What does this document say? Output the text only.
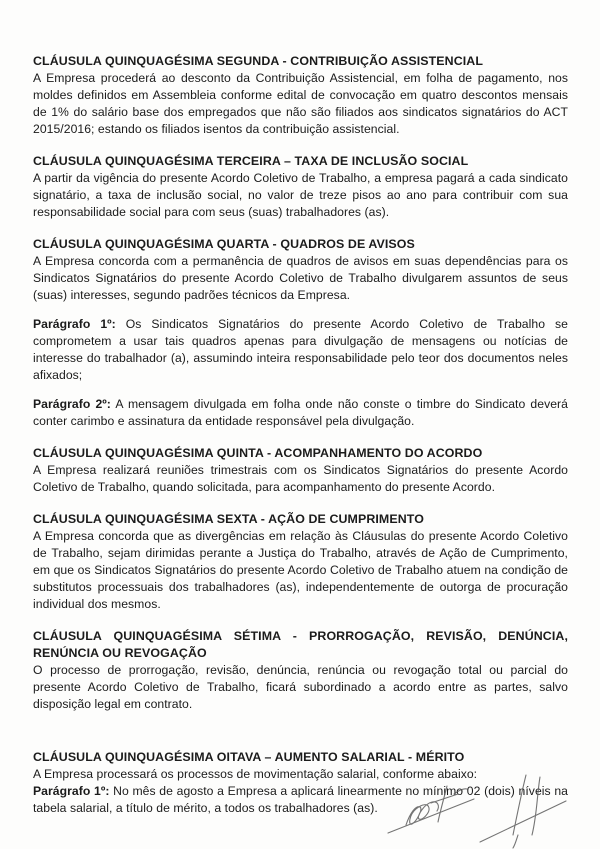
CLÁUSULA QUINQUAGÉSIMA SEGUNDA - CONTRIBUIÇÃO ASSISTENCIAL

A Empresa procederá ao desconto da Contribuição Assistencial, em folha de pagamento, nos moldes definidos em Assembleia conforme edital de convocação em quatro descontos mensais de 1% do salário base dos empregados que não são filiados aos sindicatos signatários do ACT 2015/2016; estando os filiados isentos da contribuição assistencial.

CLÁUSULA QUINQUAGÉSIMA TERCEIRA – TAXA DE INCLUSÃO SOCIAL

A partir da vigência do presente Acordo Coletivo de Trabalho, a empresa pagará a cada sindicato signatário, a taxa de inclusão social, no valor de treze pisos ao ano para contribuir com sua responsabilidade social para com seus (suas) trabalhadores (as).

CLÁUSULA QUINQUAGÉSIMA QUARTA - QUADROS DE AVISOS

A Empresa concorda com a permanência de quadros de avisos em suas dependências para os Sindicatos Signatários do presente Acordo Coletivo de Trabalho divulgarem assuntos de seus (suas) interesses, segundo padrões técnicos da Empresa.

Parágrafo 1º: Os Sindicatos Signatários do presente Acordo Coletivo de Trabalho se comprometem a usar tais quadros apenas para divulgação de mensagens ou notícias de interesse do trabalhador (a), assumindo inteira responsabilidade pelo teor dos documentos neles afixados;

Parágrafo 2º: A mensagem divulgada em folha onde não conste o timbre do Sindicato deverá conter carimbo e assinatura da entidade responsável pela divulgação.

CLÁUSULA QUINQUAGÉSIMA QUINTA - ACOMPANHAMENTO DO ACORDO

A Empresa realizará reuniões trimestrais com os Sindicatos Signatários do presente Acordo Coletivo de Trabalho, quando solicitada, para acompanhamento do presente Acordo.

CLÁUSULA QUINQUAGÉSIMA SEXTA - AÇÃO DE CUMPRIMENTO

A Empresa concorda que as divergências em relação às Cláusulas do presente Acordo Coletivo de Trabalho, sejam dirimidas perante a Justiça do Trabalho, através de Ação de Cumprimento, em que os Sindicatos Signatários do presente Acordo Coletivo de Trabalho atuem na condição de substitutos processuais dos trabalhadores (as), independentemente de outorga de procuração individual dos mesmos.

CLÁUSULA QUINQUAGÉSIMA SÉTIMA - PRORROGAÇÃO, REVISÃO, DENÚNCIA, RENÚNCIA OU REVOGAÇÃO

O processo de prorrogação, revisão, denúncia, renúncia ou revogação total ou parcial do presente Acordo Coletivo de Trabalho, ficará subordinado a acordo entre as partes, salvo disposição legal em contrato.

CLÁUSULA QUINQUAGÉSIMA OITAVA – AUMENTO SALARIAL - MÉRITO

A Empresa processará os processos de movimentação salarial, conforme abaixo:

Parágrafo 1º: No mês de agosto a Empresa a aplicará linearmente no mínimo 02 (dois) níveis na tabela salarial, a título de mérito, a todos os trabalhadores (as).
